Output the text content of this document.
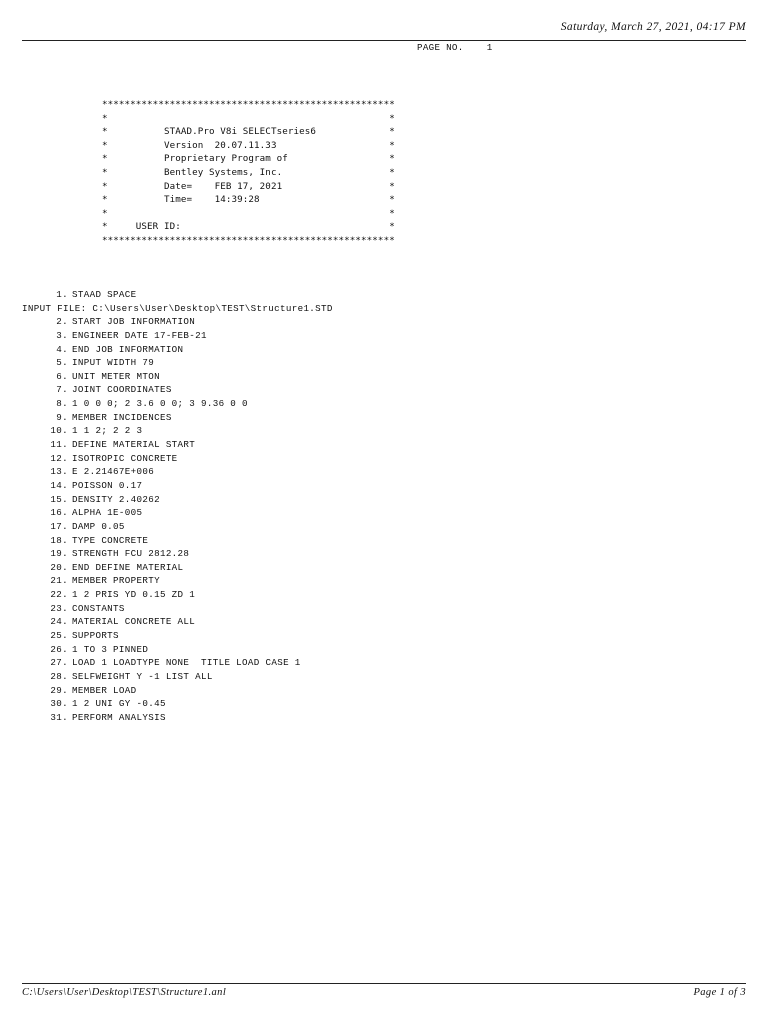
Saturday, March 27, 2021, 04:17 PM
PAGE NO.    1
****************************************************
*                                                  *
*          STAAD.Pro V8i SELECTseries6             *
*          Version  20.07.11.33                    *
*          Proprietary Program of                  *
*          Bentley Systems, Inc.                   *
*          Date=    FEB 17, 2021                   *
*          Time=    14:39:28                       *
*                                                  *
*     USER ID:                                     *
****************************************************
1. STAAD SPACE
INPUT FILE: C:\Users\User\Desktop\TEST\Structure1.STD
2. START JOB INFORMATION
3. ENGINEER DATE 17-FEB-21
4. END JOB INFORMATION
5. INPUT WIDTH 79
6. UNIT METER MTON
7. JOINT COORDINATES
8. 1 0 0 0; 2 3.6 0 0; 3 9.36 0 0
9. MEMBER INCIDENCES
10. 1 1 2; 2 2 3
11. DEFINE MATERIAL START
12. ISOTROPIC CONCRETE
13. E 2.21467E+006
14. POISSON 0.17
15. DENSITY 2.40262
16. ALPHA 1E-005
17. DAMP 0.05
18. TYPE CONCRETE
19. STRENGTH FCU 2812.28
20. END DEFINE MATERIAL
21. MEMBER PROPERTY
22. 1 2 PRIS YD 0.15 ZD 1
23. CONSTANTS
24. MATERIAL CONCRETE ALL
25. SUPPORTS
26. 1 TO 3 PINNED
27. LOAD 1 LOADTYPE NONE  TITLE LOAD CASE 1
28. SELFWEIGHT Y -1 LIST ALL
29. MEMBER LOAD
30. 1 2 UNI GY -0.45
31. PERFORM ANALYSIS
C:\Users\User\Desktop\TEST\Structure1.anl	Page 1 of 3
